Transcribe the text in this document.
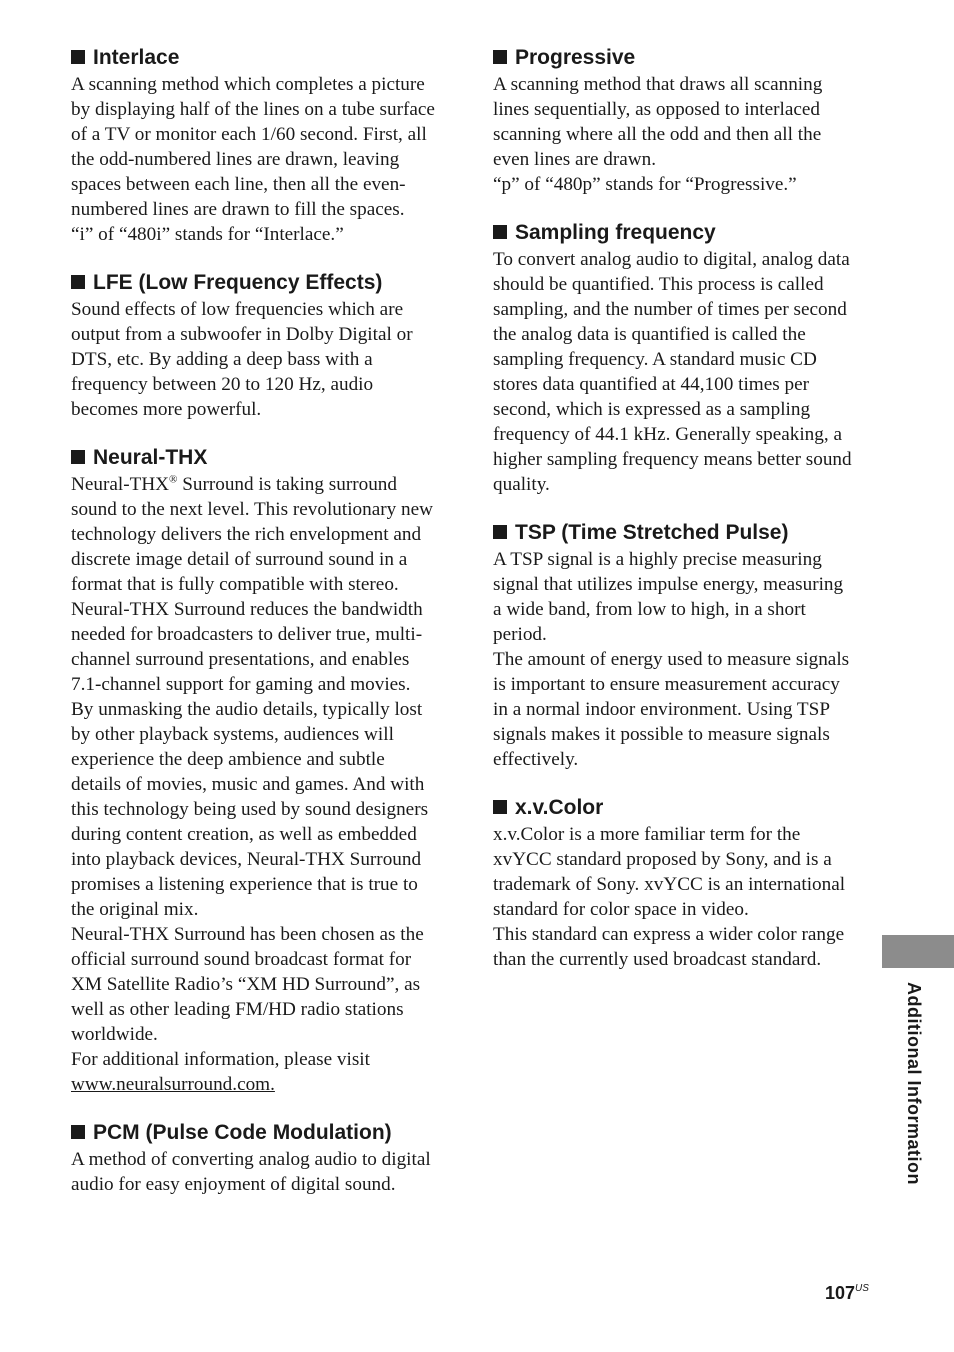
Interlace

A scanning method which completes a picture
by displaying half of the lines on a tube surface
of a TV or monitor each 1/60 second. First, all
the odd-numbered lines are drawn, leaving
spaces between each line, then all the even-
numbered lines are drawn to fill the spaces.
“i” of “480i” stands for “Interlace.”

LFE (Low Frequency Effects)

Sound effects of low frequencies which are
output from a subwoofer in Dolby Digital or
DTS, etc. By adding a deep bass with a
frequency between 20 to 120 Hz, audio
becomes more powerful.

Neural-THX

Neural-THX® Surround is taking surround
sound to the next level. This revolutionary new
technology delivers the rich envelopment and
discrete image detail of surround sound in a
format that is fully compatible with stereo.
Neural-THX Surround reduces the bandwidth
needed for broadcasters to deliver true, multi-
channel surround presentations, and enables
7.1-channel support for gaming and movies.
By unmasking the audio details, typically lost
by other playback systems, audiences will
experience the deep ambience and subtle
details of movies, music and games. And with
this technology being used by sound designers
during content creation, as well as embedded
into playback devices, Neural-THX Surround
promises a listening experience that is true to
the original mix.
Neural-THX Surround has been chosen as the
official surround sound broadcast format for
XM Satellite Radio’s “XM HD Surround”, as
well as other leading FM/HD radio stations
worldwide.
For additional information, please visit
www.neuralsurround.com.

PCM (Pulse Code Modulation)

A method of converting analog audio to digital
audio for easy enjoyment of digital sound.

Progressive

A scanning method that draws all scanning
lines sequentially, as opposed to interlaced
scanning where all the odd and then all the
even lines are drawn.
“p” of “480p” stands for “Progressive.”

Sampling frequency

To convert analog audio to digital, analog data
should be quantified. This process is called
sampling, and the number of times per second
the analog data is quantified is called the
sampling frequency. A standard music CD
stores data quantified at 44,100 times per
second, which is expressed as a sampling
frequency of 44.1 kHz. Generally speaking, a
higher sampling frequency means better sound
quality.

TSP (Time Stretched Pulse)

A TSP signal is a highly precise measuring
signal that utilizes impulse energy, measuring
a wide band, from low to high, in a short
period.
The amount of energy used to measure signals
is important to ensure measurement accuracy
in a normal indoor environment. Using TSP
signals makes it possible to measure signals
effectively.

x.v.Color

x.v.Color is a more familiar term for the
xvYCC standard proposed by Sony, and is a
trademark of Sony. xvYCC is an international
standard for color space in video.
This standard can express a wider color range
than the currently used broadcast standard.
Additional Information
$107^{US}$
